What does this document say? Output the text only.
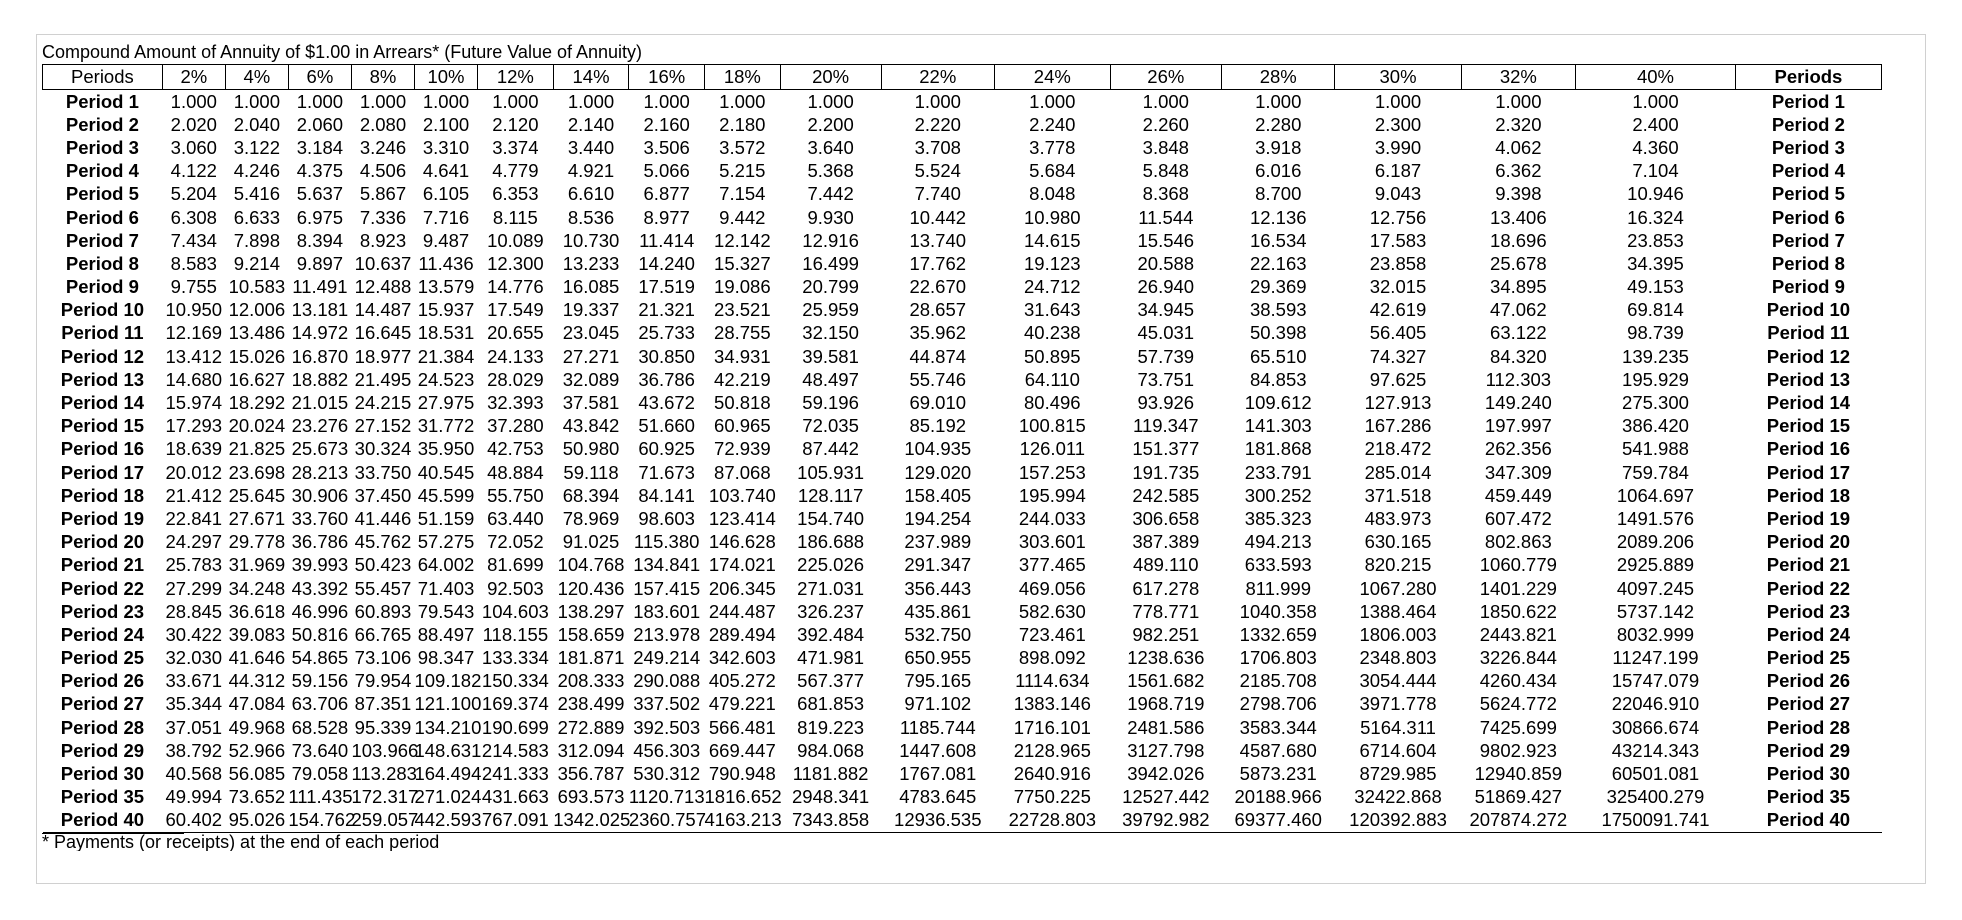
Compound Amount of Annuity of $1.00 in Arrears* (Future Value of Annuity)
Periods	2%	4%	6%	8%	10%	12%	14%	16%	18%	20%	22%	24%	26%	28%	30%	32%	40%	Periods
Period 1	1.000	1.000	1.000	1.000	1.000	1.000	1.000	1.000	1.000	1.000	1.000	1.000	1.000	1.000	1.000	1.000	1.000	Period 1
Period 2	2.020	2.040	2.060	2.080	2.100	2.120	2.140	2.160	2.180	2.200	2.220	2.240	2.260	2.280	2.300	2.320	2.400	Period 2
Period 3	3.060	3.122	3.184	3.246	3.310	3.374	3.440	3.506	3.572	3.640	3.708	3.778	3.848	3.918	3.990	4.062	4.360	Period 3
Period 4	4.122	4.246	4.375	4.506	4.641	4.779	4.921	5.066	5.215	5.368	5.524	5.684	5.848	6.016	6.187	6.362	7.104	Period 4
Period 5	5.204	5.416	5.637	5.867	6.105	6.353	6.610	6.877	7.154	7.442	7.740	8.048	8.368	8.700	9.043	9.398	10.946	Period 5
Period 6	6.308	6.633	6.975	7.336	7.716	8.115	8.536	8.977	9.442	9.930	10.442	10.980	11.544	12.136	12.756	13.406	16.324	Period 6
Period 7	7.434	7.898	8.394	8.923	9.487	10.089	10.730	11.414	12.142	12.916	13.740	14.615	15.546	16.534	17.583	18.696	23.853	Period 7
Period 8	8.583	9.214	9.897	10.637	11.436	12.300	13.233	14.240	15.327	16.499	17.762	19.123	20.588	22.163	23.858	25.678	34.395	Period 8
Period 9	9.755	10.583	11.491	12.488	13.579	14.776	16.085	17.519	19.086	20.799	22.670	24.712	26.940	29.369	32.015	34.895	49.153	Period 9
Period 10	10.950	12.006	13.181	14.487	15.937	17.549	19.337	21.321	23.521	25.959	28.657	31.643	34.945	38.593	42.619	47.062	69.814	Period 10
Period 11	12.169	13.486	14.972	16.645	18.531	20.655	23.045	25.733	28.755	32.150	35.962	40.238	45.031	50.398	56.405	63.122	98.739	Period 11
Period 12	13.412	15.026	16.870	18.977	21.384	24.133	27.271	30.850	34.931	39.581	44.874	50.895	57.739	65.510	74.327	84.320	139.235	Period 12
Period 13	14.680	16.627	18.882	21.495	24.523	28.029	32.089	36.786	42.219	48.497	55.746	64.110	73.751	84.853	97.625	112.303	195.929	Period 13
Period 14	15.974	18.292	21.015	24.215	27.975	32.393	37.581	43.672	50.818	59.196	69.010	80.496	93.926	109.612	127.913	149.240	275.300	Period 14
Period 15	17.293	20.024	23.276	27.152	31.772	37.280	43.842	51.660	60.965	72.035	85.192	100.815	119.347	141.303	167.286	197.997	386.420	Period 15
Period 16	18.639	21.825	25.673	30.324	35.950	42.753	50.980	60.925	72.939	87.442	104.935	126.011	151.377	181.868	218.472	262.356	541.988	Period 16
Period 17	20.012	23.698	28.213	33.750	40.545	48.884	59.118	71.673	87.068	105.931	129.020	157.253	191.735	233.791	285.014	347.309	759.784	Period 17
Period 18	21.412	25.645	30.906	37.450	45.599	55.750	68.394	84.141	103.740	128.117	158.405	195.994	242.585	300.252	371.518	459.449	1064.697	Period 18
Period 19	22.841	27.671	33.760	41.446	51.159	63.440	78.969	98.603	123.414	154.740	194.254	244.033	306.658	385.323	483.973	607.472	1491.576	Period 19
Period 20	24.297	29.778	36.786	45.762	57.275	72.052	91.025	115.380	146.628	186.688	237.989	303.601	387.389	494.213	630.165	802.863	2089.206	Period 20
Period 21	25.783	31.969	39.993	50.423	64.002	81.699	104.768	134.841	174.021	225.026	291.347	377.465	489.110	633.593	820.215	1060.779	2925.889	Period 21
Period 22	27.299	34.248	43.392	55.457	71.403	92.503	120.436	157.415	206.345	271.031	356.443	469.056	617.278	811.999	1067.280	1401.229	4097.245	Period 22
Period 23	28.845	36.618	46.996	60.893	79.543	104.603	138.297	183.601	244.487	326.237	435.861	582.630	778.771	1040.358	1388.464	1850.622	5737.142	Period 23
Period 24	30.422	39.083	50.816	66.765	88.497	118.155	158.659	213.978	289.494	392.484	532.750	723.461	982.251	1332.659	1806.003	2443.821	8032.999	Period 24
Period 25	32.030	41.646	54.865	73.106	98.347	133.334	181.871	249.214	342.603	471.981	650.955	898.092	1238.636	1706.803	2348.803	3226.844	11247.199	Period 25
Period 26	33.671	44.312	59.156	79.954	109.182	150.334	208.333	290.088	405.272	567.377	795.165	1114.634	1561.682	2185.708	3054.444	4260.434	15747.079	Period 26
Period 27	35.344	47.084	63.706	87.351	121.100	169.374	238.499	337.502	479.221	681.853	971.102	1383.146	1968.719	2798.706	3971.778	5624.772	22046.910	Period 27
Period 28	37.051	49.968	68.528	95.339	134.210	190.699	272.889	392.503	566.481	819.223	1185.744	1716.101	2481.586	3583.344	5164.311	7425.699	30866.674	Period 28
Period 29	38.792	52.966	73.640	103.966	148.631	214.583	312.094	456.303	669.447	984.068	1447.608	2128.965	3127.798	4587.680	6714.604	9802.923	43214.343	Period 29
Period 30	40.568	56.085	79.058	113.283	164.494	241.333	356.787	530.312	790.948	1181.882	1767.081	2640.916	3942.026	5873.231	8729.985	12940.859	60501.081	Period 30
Period 35	49.994	73.652	111.435	172.317	271.024	431.663	693.573	1120.713	1816.652	2948.341	4783.645	7750.225	12527.442	20188.966	32422.868	51869.427	325400.279	Period 35
Period 40	60.402	95.026	154.762	259.057	442.593	767.091	1342.025	2360.757	4163.213	7343.858	12936.535	22728.803	39792.982	69377.460	120392.883	207874.272	1750091.741	Period 40
* Payments (or receipts) at the end of each period
